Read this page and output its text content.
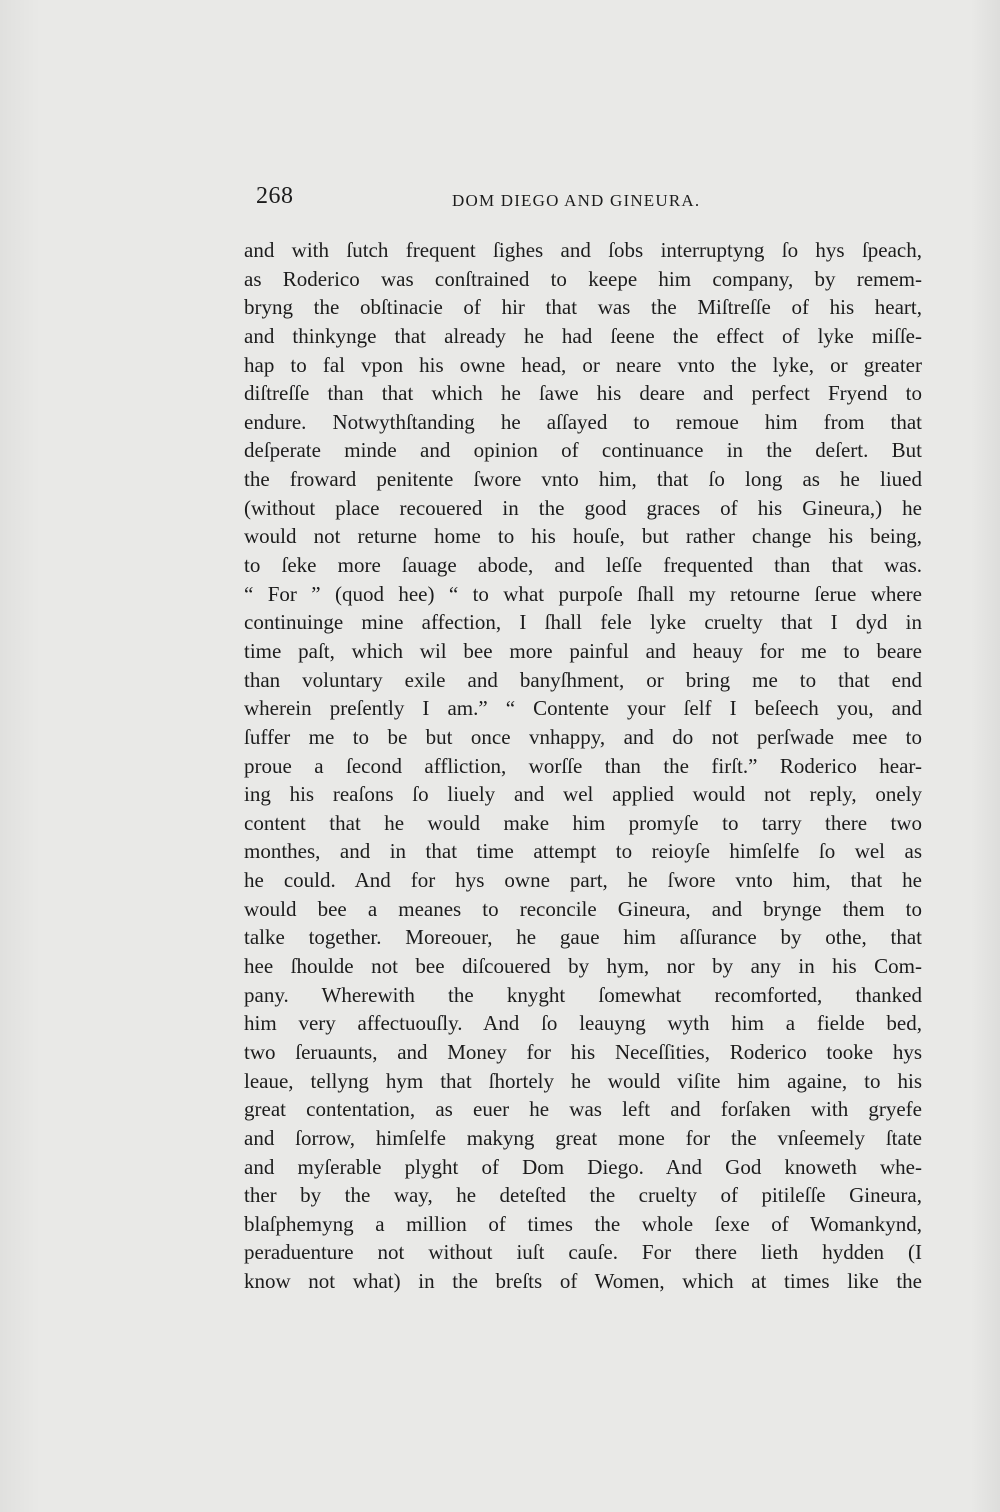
268	DOM DIEGO AND GINEURA.
and with ſutch frequent ſighes and ſobs interruptyng ſo hys ſpeach,
as Roderico was conſtrained to keepe him company, by remem-
bryng the obſtinacie of hir that was the Miſtreſſe of his heart,
and thinkynge that already he had ſeene the effect of lyke miſſe-
hap to fal vpon his owne head, or neare vnto the lyke, or greater
diſtreſſe than that which he ſawe his deare and perfect Fryend to
endure. Notwythſtanding he aſſayed to remoue him from that
deſperate minde and opinion of continuance in the deſert. But
the froward penitente ſwore vnto him, that ſo long as he liued
(without place recouered in the good graces of his Gineura,) he
would not returne home to his houſe, but rather change his being,
to ſeke more ſauage abode, and leſſe frequented than that was.
“ For ” (quod hee) “ to what purpoſe ſhall my retourne ſerue where
continuinge mine affection, I ſhall fele lyke cruelty that I dyd in
time paſt, which wil bee more painful and heauy for me to beare
than voluntary exile and banyſhment, or bring me to that end
wherein preſently I am.” “ Contente your ſelf I beſeech you, and
ſuffer me to be but once vnhappy, and do not perſwade mee to
proue a ſecond affliction, worſſe than the firſt.” Roderico hear-
ing his reaſons ſo liuely and wel applied would not reply, onely
content that he would make him promyſe to tarry there two
monthes, and in that time attempt to reioyſe himſelfe ſo wel as
he could. And for hys owne part, he ſwore vnto him, that he
would bee a meanes to reconcile Gineura, and brynge them to
talke together. Moreouer, he gaue him aſſurance by othe, that
hee ſhoulde not bee diſcouered by hym, nor by any in his Com-
pany. Wherewith the knyght ſomewhat recomforted, thanked
him very affectuouſly. And ſo leauyng wyth him a fielde bed,
two ſeruaunts, and Money for his Neceſſities, Roderico tooke hys
leaue, tellyng hym that ſhortely he would viſite him againe, to his
great contentation, as euer he was left and forſaken with gryefe
and ſorrow, himſelfe makyng great mone for the vnſeemely ſtate
and myſerable plyght of Dom Diego. And God knoweth whe-
ther by the way, he deteſted the cruelty of pitileſſe Gineura,
blaſphemyng a million of times the whole ſexe of Womankynd,
peraduenture not without iuſt cauſe. For there lieth hydden (I
know not what) in the breſts of Women, which at times like the
